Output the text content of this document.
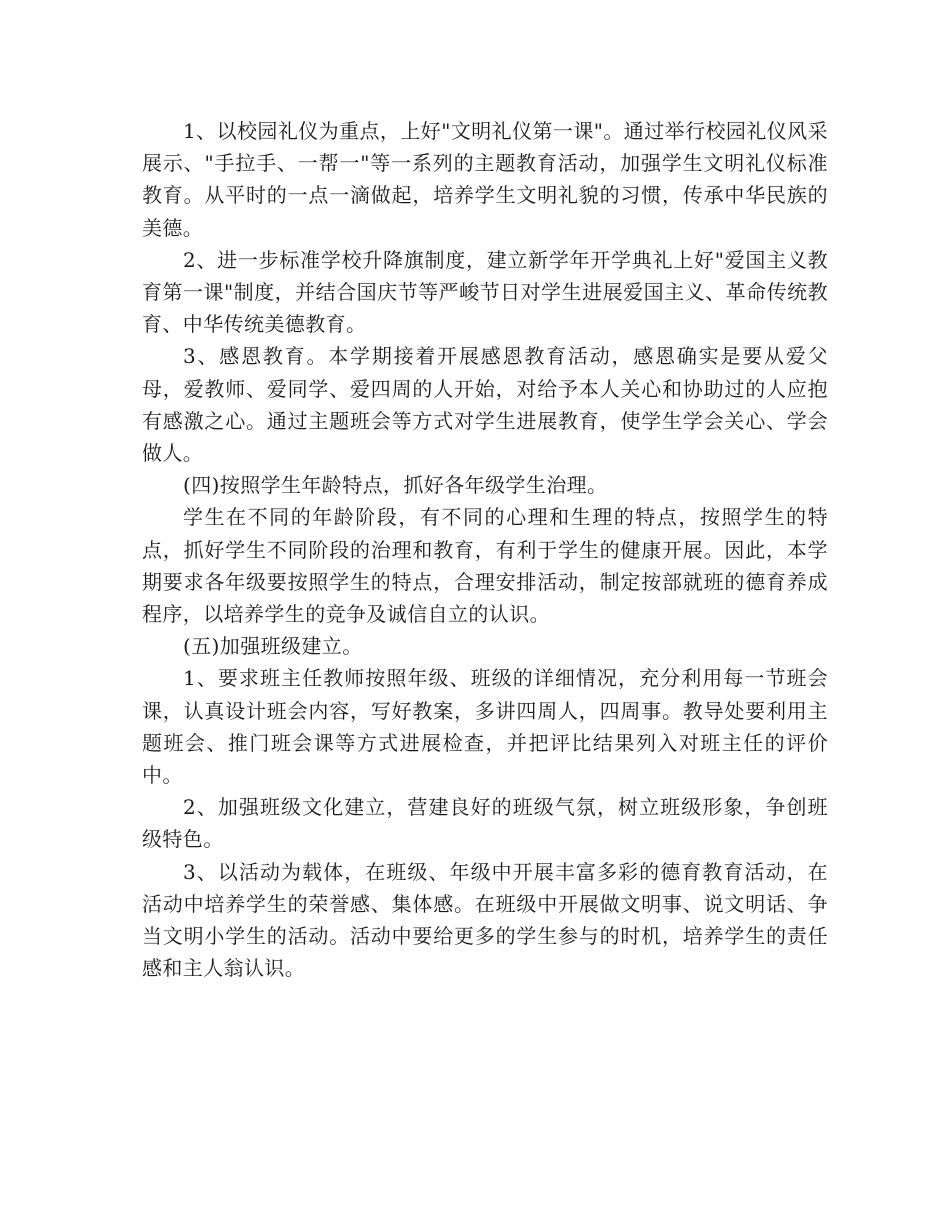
1、以校园礼仪为重点，上好"文明礼仪第一课"。通过举行校园礼仪风采展示、"手拉手、一帮一"等一系列的主题教育活动，加强学生文明礼仪标准教育。从平时的一点一滴做起，培养学生文明礼貌的习惯，传承中华民族的美德。

2、进一步标准学校升降旗制度，建立新学年开学典礼上好"爱国主义教育第一课"制度，并结合国庆节等严峻节日对学生进展爱国主义、革命传统教育、中华传统美德教育。

3、感恩教育。本学期接着开展感恩教育活动，感恩确实是要从爱父母，爱教师、爱同学、爱四周的人开始，对给予本人关心和协助过的人应抱有感激之心。通过主题班会等方式对学生进展教育，使学生学会关心、学会做人。

(四)按照学生年龄特点，抓好各年级学生治理。

学生在不同的年龄阶段，有不同的心理和生理的特点，按照学生的特点，抓好学生不同阶段的治理和教育，有利于学生的健康开展。因此，本学期要求各年级要按照学生的特点，合理安排活动，制定按部就班的德育养成程序，以培养学生的竞争及诚信自立的认识。

(五)加强班级建立。

1、要求班主任教师按照年级、班级的详细情况，充分利用每一节班会课，认真设计班会内容，写好教案，多讲四周人，四周事。教导处要利用主题班会、推门班会课等方式进展检查，并把评比结果列入对班主任的评价中。

2、加强班级文化建立，营建良好的班级气氛，树立班级形象，争创班级特色。

3、以活动为载体，在班级、年级中开展丰富多彩的德育教育活动，在活动中培养学生的荣誉感、集体感。在班级中开展做文明事、说文明话、争当文明小学生的活动。活动中要给更多的学生参与的时机，培养学生的责任感和主人翁认识。
